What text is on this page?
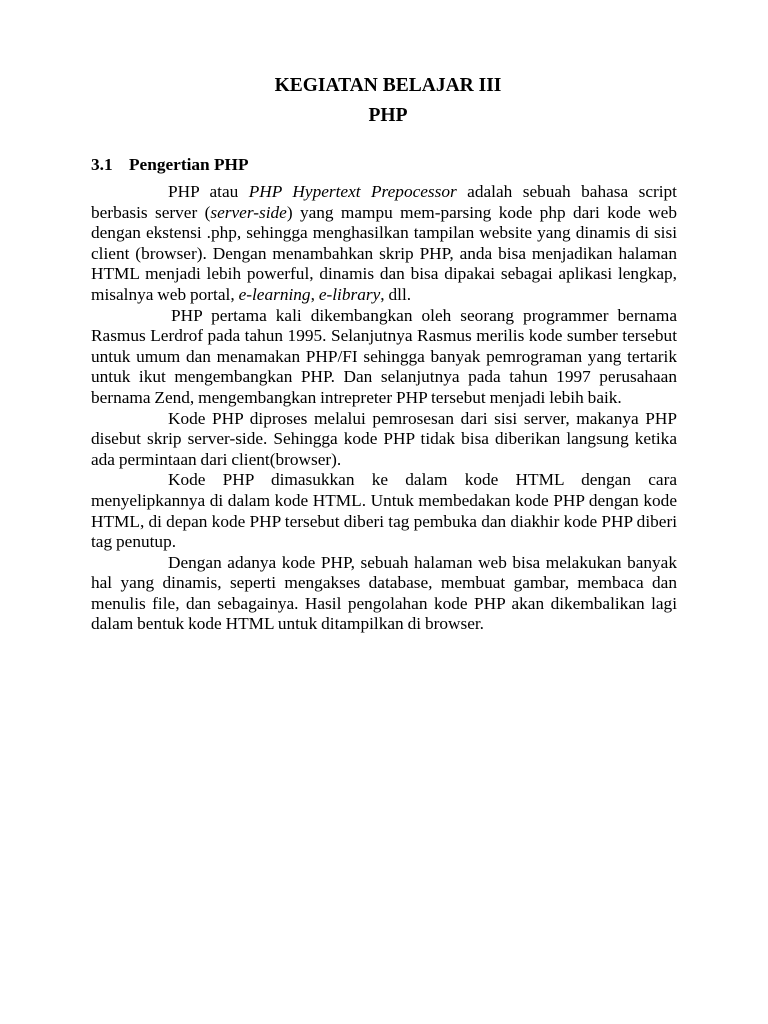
KEGIATAN BELAJAR III
PHP
3.1 Pengertian PHP

PHP atau PHP Hypertext Prepocessor adalah sebuah bahasa script berbasis server (server-side) yang mampu mem-parsing kode php dari kode web dengan ekstensi .php, sehingga menghasilkan tampilan website yang dinamis di sisi client (browser). Dengan menambahkan skrip PHP, anda bisa menjadikan halaman HTML menjadi lebih powerful, dinamis dan bisa dipakai sebagai aplikasi lengkap, misalnya web portal, e-learning, e-library, dll.

PHP pertama kali dikembangkan oleh seorang programmer bernama Rasmus Lerdrof pada tahun 1995. Selanjutnya Rasmus merilis kode sumber tersebut untuk umum dan menamakan PHP/FI sehingga banyak pemrograman yang tertarik untuk ikut mengembangkan PHP. Dan selanjutnya pada tahun 1997 perusahaan bernama Zend, mengembangkan intrepreter PHP tersebut menjadi lebih baik.

Kode PHP diproses melalui pemrosesan dari sisi server, makanya PHP disebut skrip server-side. Sehingga kode PHP tidak bisa diberikan langsung ketika ada permintaan dari client(browser).

Kode PHP dimasukkan ke dalam kode HTML dengan cara menyelipkannya di dalam kode HTML. Untuk membedakan kode PHP dengan kode HTML, di depan kode PHP tersebut diberi tag pembuka dan diakhir kode PHP diberi tag penutup.

Dengan adanya kode PHP, sebuah halaman web bisa melakukan banyak hal yang dinamis, seperti mengakses database, membuat gambar, membaca dan menulis file, dan sebagainya. Hasil pengolahan kode PHP akan dikembalikan lagi dalam bentuk kode HTML untuk ditampilkan di browser.
